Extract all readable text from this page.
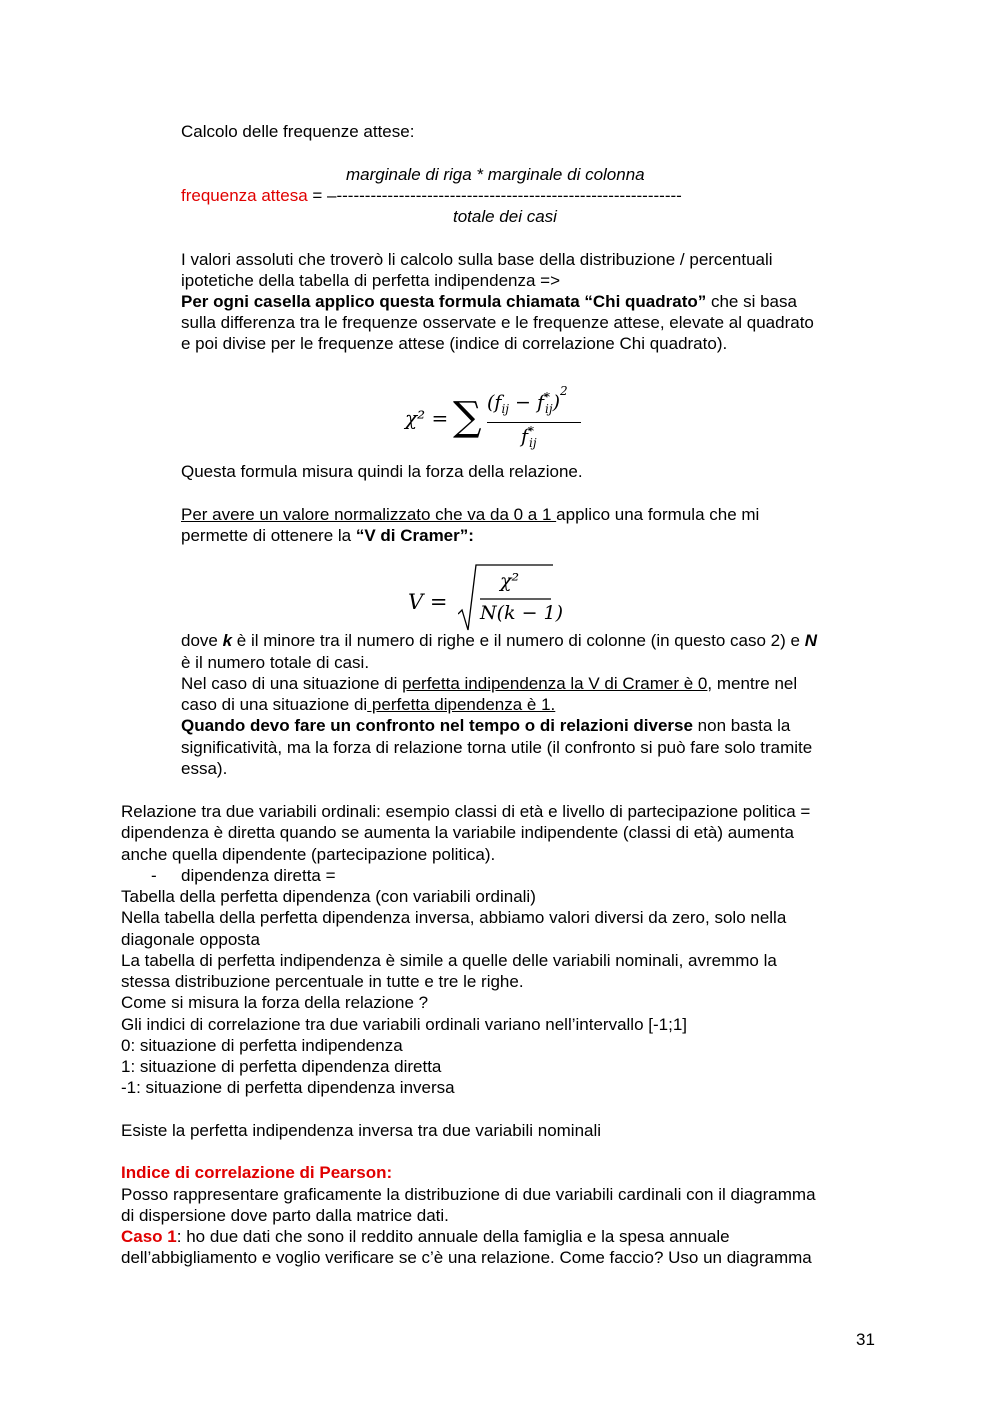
Calcolo delle frequenze attese:
marginale di riga * marginale di colonna
frequenza attesa = –-------------------------------------------------------------
totale dei casi
I valori assoluti che troverò li calcolo sulla base della distribuzione / percentuali
ipotetiche della tabella di perfetta indipendenza =>
Per ogni casella applico questa formula chiamata “Chi quadrato” che si basa
sulla differenza tra le frequenze osservate e le frequenze attese, elevate al quadrato
e poi divise per le frequenze attese (indice di correlazione Chi quadrato).
χ² = ∑ $(f_{ij} - f^*_{ij})^2$
$f^*_{ij}$
Questa formula misura quindi la forza della relazione.
Per avere un valore normalizzato che va da 0 a 1 applico una formula che mi
permette di ottenere la “V di Cramer”:
V =
χ²
N(k − 1)
dove k è il minore tra il numero di righe e il numero di colonne (in questo caso 2) e N
è il numero totale di casi.
Nel caso di una situazione di perfetta indipendenza la V di Cramer è 0, mentre nel
caso di una situazione di perfetta dipendenza è 1.
Quando devo fare un confronto nel tempo o di relazioni diverse non basta la
significatività, ma la forza di relazione torna utile (il confronto si può fare solo tramite
essa).
Relazione tra due variabili ordinali: esempio classi di età e livello di partecipazione politica =
dipendenza è diretta quando se aumenta la variabile indipendente (classi di età) aumenta
anche quella dipendente (partecipazione politica).
- dipendenza diretta =
Tabella della perfetta dipendenza (con variabili ordinali)
Nella tabella della perfetta dipendenza inversa, abbiamo valori diversi da zero, solo nella
diagonale opposta
La tabella di perfetta indipendenza è simile a quelle delle variabili nominali, avremmo la
stessa distribuzione percentuale in tutte e tre le righe.
Come si misura la forza della relazione ?
Gli indici di correlazione tra due variabili ordinali variano nell’intervallo [-1;1]
0: situazione di perfetta indipendenza
1: situazione di perfetta dipendenza diretta
-1: situazione di perfetta dipendenza inversa
Esiste la perfetta indipendenza inversa tra due variabili nominali
Indice di correlazione di Pearson:
Posso rappresentare graficamente la distribuzione di due variabili cardinali con il diagramma
di dispersione dove parto dalla matrice dati.
Caso 1: ho due dati che sono il reddito annuale della famiglia e la spesa annuale
dell’abbigliamento e voglio verificare se c’è una relazione. Come faccio? Uso un diagramma
31
